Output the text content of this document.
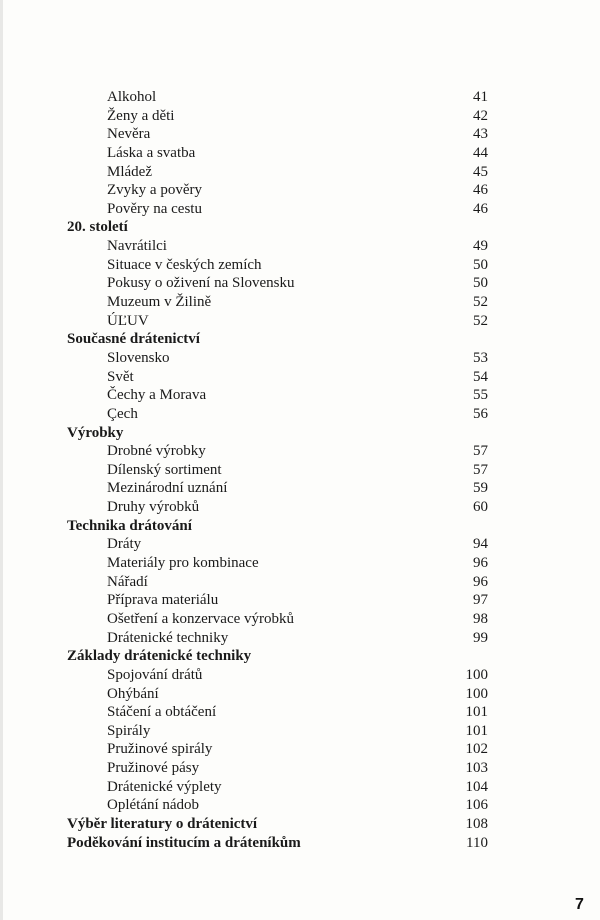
Alkohol	41
Ženy a děti	42
Nevěra	43
Láska a svatba	44
Mládež	45
Zvyky a pověry	46
Pověry na cestu	46
20. století
Navrátilci	49
Situace v českých zemích	50
Pokusy o oživení na Slovensku	50
Muzeum v Žilině	52
ÚĽUV	52
Současné drátenictví
Slovensko	53
Svět	54
Čechy a Morava	55
Çech	56
Výrobky
Drobné výrobky	57
Dílenský sortiment	57
Mezinárodní uznání	59
Druhy výrobků	60
Technika drátování
Dráty	94
Materiály pro kombinace	96
Nářadí	96
Příprava materiálu	97
Ošetření a konzervace výrobků	98
Drátenické techniky	99
Základy drátenické techniky
Spojování drátů	100
Ohýbání	100
Stáčení a obtáčení	101
Spirály	101
Pružinové spirály	102
Pružinové pásy	103
Drátenické výplety	104
Oplétání nádob	106
Výběr literatury o drátenictví	108
Poděkování institucím a dráteníkům	110
7
